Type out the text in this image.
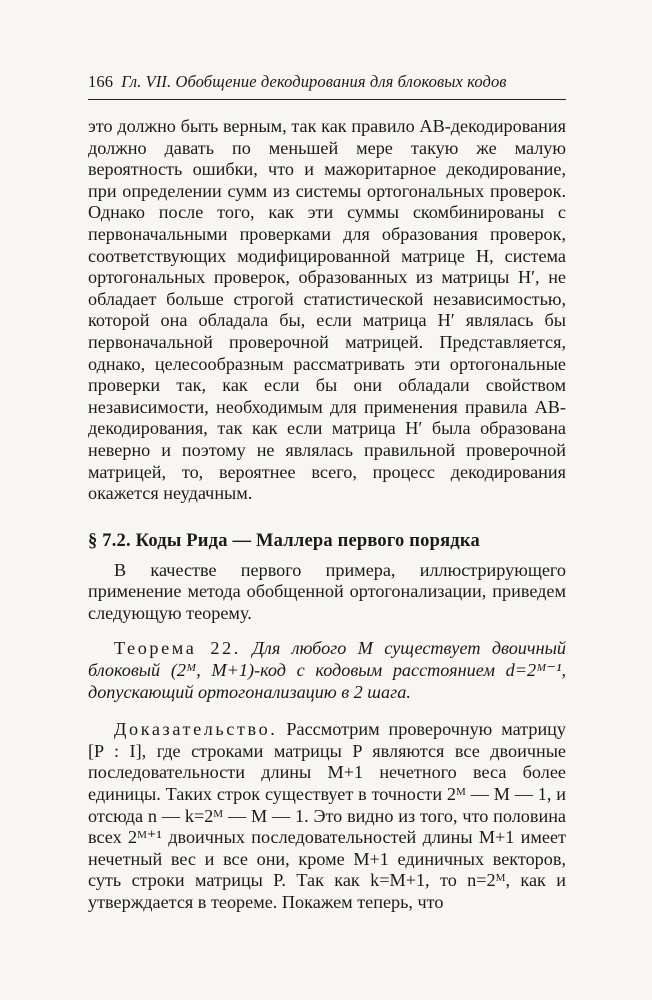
166 Гл. VII. Обобщение декодирования для блоковых кодов

это должно быть верным, так как правило АВ-декодирования должно давать по меньшей мере такую же малую вероятность ошибки, что и мажоритарное декодирование, при определении сумм из системы ортогональных проверок. Однако после того, как эти суммы скомбинированы с первоначальными проверками для образования проверок, соответствующих модифицированной матрице H, система ортогональных проверок, образованных из матрицы H′, не обладает больше строгой статистической независимостью, которой она обладала бы, если матрица H′ являлась бы первоначальной проверочной матрицей. Представляется, однако, целесообразным рассматривать эти ортогональные проверки так, как если бы они обладали свойством независимости, необходимым для применения правила АВ-декодирования, так как если матрица H′ была образована неверно и поэтому не являлась правильной проверочной матрицей, то, вероятнее всего, процесс декодирования окажется неудачным.

§ 7.2. Коды Рида — Маллера первого порядка

В качестве первого примера, иллюстрирующего применение метода обобщенной ортогонализации, приведем следующую теорему.

Теорема 22. Для любого M существует двоичный блоковый (2ᴹ, M+1)-код с кодовым расстоянием d=2ᴹ⁻¹, допускающий ортогонализацию в 2 шага.

Доказательство. Рассмотрим проверочную матрицу [P : I], где строками матрицы P являются все двоичные последовательности длины M+1 нечетного веса более единицы. Таких строк существует в точности 2ᴹ — M — 1, и отсюда n — k=2ᴹ — M — 1. Это видно из того, что половина всех 2ᴹ⁺¹ двоичных последовательностей длины M+1 имеет нечетный вес и все они, кроме M+1 единичных векторов, суть строки матрицы P. Так как k=M+1, то n=2ᴹ, как и утверждается в теореме. Покажем теперь, что
